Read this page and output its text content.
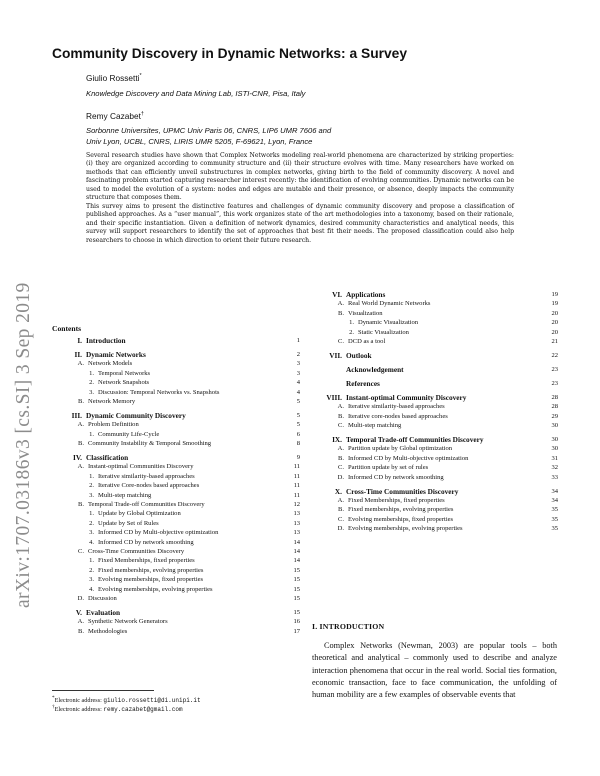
arXiv:1707.03186v3 [cs.SI] 3 Sep 2019
Community Discovery in Dynamic Networks: a Survey
Giulio Rossetti*
Knowledge Discovery and Data Mining Lab, ISTI-CNR, Pisa, Italy
Remy Cazabet†
Sorbonne Universites, UPMC Univ Paris 06, CNRS, LIP6 UMR 7606 and
Univ Lyon, UCBL, CNRS, LIRIS UMR 5205, F-69621, Lyon, France

Several research studies have shown that Complex Networks modeling real-world phenomena are characterized by striking properties: (i) they are organized according to community structure and (ii) their structure evolves with time. Many researchers have worked on methods that can efficiently unveil substructures in complex networks, giving birth to the field of community discovery. A novel and fascinating problem started capturing researcher interest recently: the identification of evolving communities. Dynamic networks can be used to model the evolution of a system: nodes and edges are mutable and their presence, or absence, deeply impacts the community structure that composes them.

This survey aims to present the distinctive features and challenges of dynamic community discovery and propose a classification of published approaches. As a “user manual”, this work organizes state of the art methodologies into a taxonomy, based on their rationale, and their specific instantiation. Given a definition of network dynamics, desired community characteristics and analytical needs, this survey will support researchers to identify the set of approaches that best fit their needs. The proposed classification could also help researchers to choose in which direction to orient their future research.

Contents
I. Introduction	1
II. Dynamic Networks	2
A. Network Models	3
1. Temporal Networks	3
2. Network Snapshots	4
3. Discussion: Temporal Networks vs. Snapshots	4
B. Network Memory	5
III. Dynamic Community Discovery	5
A. Problem Definition	5
1. Community Life-Cycle	6
B. Community Instability & Temporal Smoothing	8
IV. Classification	9
A. Instant-optimal Communities Discovery	11
1. Iterative similarity-based approaches	11
2. Iterative Core-nodes based approaches	11
3. Multi-step matching	11
B. Temporal Trade-off Communities Discovery	12
1. Update by Global Optimization	13
2. Update by Set of Rules	13
3. Informed CD by Multi-objective optimization	13
4. Informed CD by network smoothing	14
C. Cross-Time Communities Discovery	14
1. Fixed Memberships, fixed properties	14
2. Fixed memberships, evolving properties	15
3. Evolving memberships, fixed properties	15
4. Evolving memberships, evolving properties	15
D. Discussion	15
V. Evaluation	15
A. Synthetic Network Generators	16
B. Methodologies	17
VI. Applications	19
A. Real World Dynamic Networks	19
B. Visualization	20
1. Dynamic Visualization	20
2. Static Visualization	20
C. DCD as a tool	21
VII. Outlook	22
Acknowledgement	23
References	23
VIII. Instant-optimal Community Discovery	28
A. Iterative similarity-based approaches	28
B. Iterative core-nodes based approaches	29
C. Multi-step matching	30
IX. Temporal Trade-off Communities Discovery	30
A. Partition update by Global optimization	30
B. Informed CD by Multi-objective optimization	31
C. Partition update by set of rules	32
D. Informed CD by network smoothing	33
X. Cross-Time Communities Discovery	34
A. Fixed Memberships, fixed properties	34
B. Fixed memberships, evolving properties	35
C. Evolving memberships, fixed properties	35
D. Evolving memberships, evolving properties	35
I. INTRODUCTION

Complex Networks (Newman, 2003) are popular tools – both theoretical and analytical – commonly used to describe and analyze interaction phenomena that occur in the real world. Social ties formation, economic transaction, face to face communication, the unfolding of human mobility are a few examples of observable events that

*Electronic address: giulio.rossetti@di.unipi.it
†Electronic address: remy.cazabet@gmail.com
